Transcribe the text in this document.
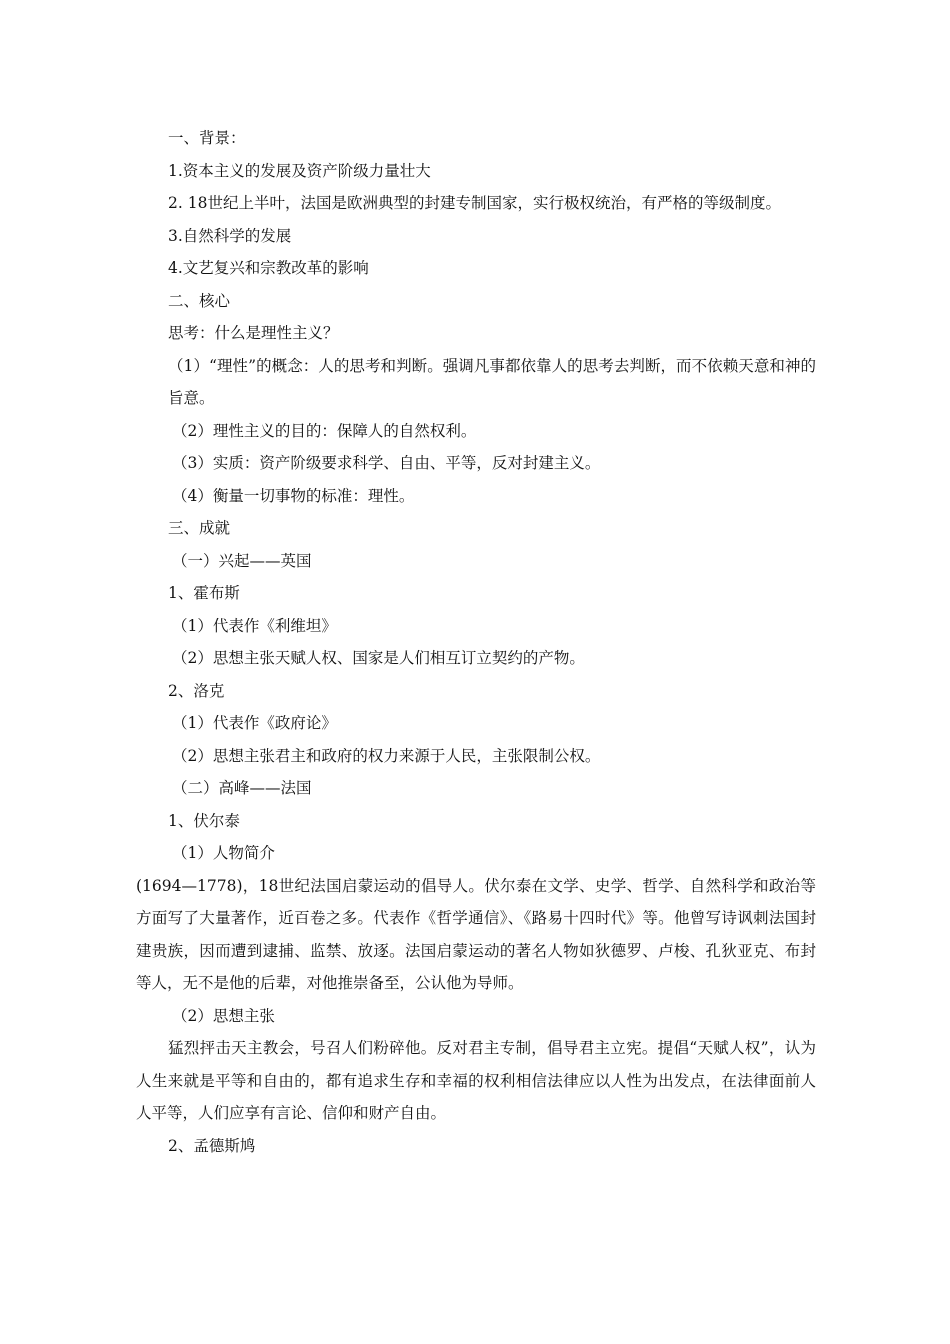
一、背景：

1.资本主义的发展及资产阶级力量壮大

2. 18世纪上半叶，法国是欧洲典型的封建专制国家，实行极权统治，有严格的等级制度。

3.自然科学的发展

4.文艺复兴和宗教改革的影响

二、核心

思考：什么是理性主义？

（1）“理性”的概念：人的思考和判断。强调凡事都依靠人的思考去判断，而不依赖天意和神的旨意。

（2）理性主义的目的：保障人的自然权利。

（3）实质：资产阶级要求科学、自由、平等，反对封建主义。

（4）衡量一切事物的标准：理性。

三、成就

（一）兴起——英国

1、霍布斯

（1）代表作《利维坦》

（2）思想主张天赋人权、国家是人们相互订立契约的产物。

2、洛克

（1）代表作《政府论》

（2）思想主张君主和政府的权力来源于人民，主张限制公权。

（二）高峰——法国

1、伏尔泰

（1）人物简介

(1694—1778)，18世纪法国启蒙运动的倡导人。伏尔泰在文学、史学、哲学、自然科学和政治等方面写了大量著作，近百卷之多。代表作《哲学通信》、《路易十四时代》等。他曾写诗讽刺法国封建贵族，因而遭到逮捕、监禁、放逐。法国启蒙运动的著名人物如狄德罗、卢梭、孔狄亚克、布封等人，无不是他的后辈，对他推崇备至，公认他为导师。

（2）思想主张

猛烈抨击天主教会，号召人们粉碎他。反对君主专制，倡导君主立宪。提倡“天赋人权”，认为人生来就是平等和自由的，都有追求生存和幸福的权利相信法律应以人性为出发点，在法律面前人人平等，人们应享有言论、信仰和财产自由。

2、孟德斯鸠
